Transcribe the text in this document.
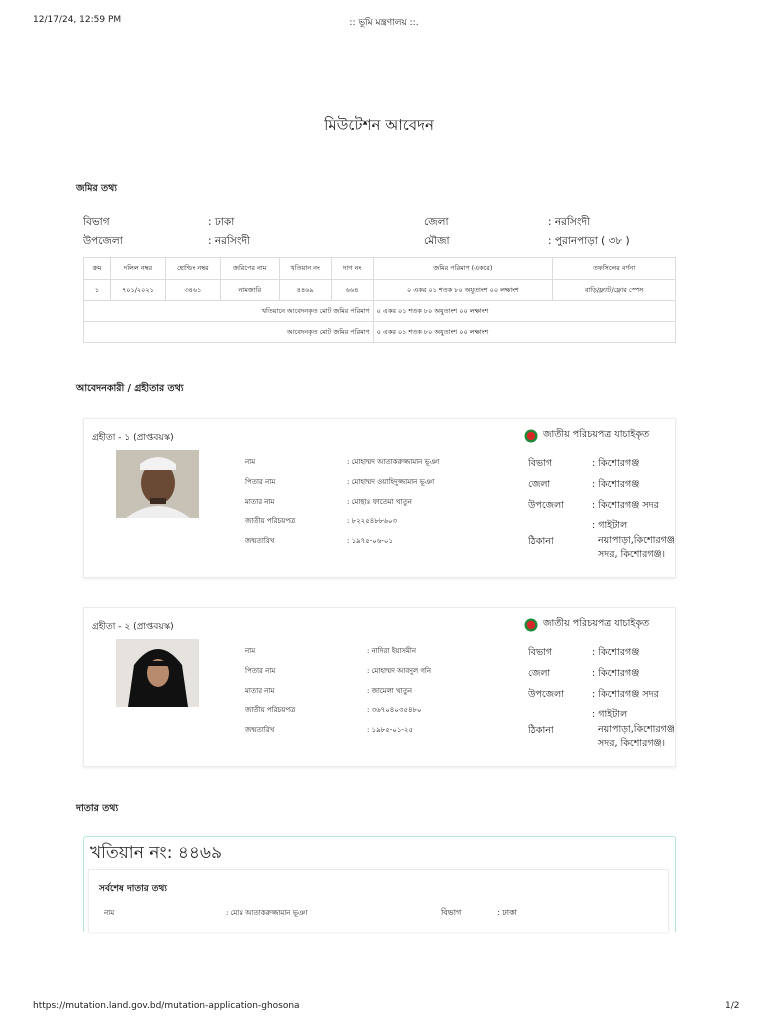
12/17/24, 12:59 PM	:: ভূমি মন্ত্রণালয় ::.
মিউটেশন আবেদন
জমির তথ্য
বিভাগ	: ঢাকা	জেলা	: নরসিংদী
উপজেলা	: নরসিংদী	মৌজা	: পুরানপাড়া ( ৩৮ )
ক্রম	দলিল নম্বর	হোল্ডিং নম্বর	জরিপের নাম	খতিয়ান নং	দাগ নং	জমির পরিমাণ (একরে)	তফসিলের বর্ণনা
১	৭০১/২০২১	৩৪৬১	নামজারি	৪৪৬৯	৬৬৪	০ একর ০১ শতক ৮০ অযুতাংশ ০০ লক্ষাংশ	বাড়ি/ফ্ল্যাট/ফ্লোর স্পেস
খতিয়ানে আবেদনকৃত মোট জমির পরিমাণ						০ একর ০১ শতক ৮০ অযুতাংশ ০০ লক্ষাংশ	
আবেদনকৃত মোট জমির পরিমাণ						০ একর ০১ শতক ৮০ অযুতাংশ ০০ লক্ষাংশ	
আবেদনকারী / গ্রহীতার তথ্য
গ্রহীতা - ১ (প্রাপ্তবয়স্ক)	জাতীয় পরিচয়পত্র যাচাইকৃত
নাম	: মোহাম্মদ আতাকরুজ্জামান ভূঞা
পিতার নাম	: মোহাম্মদ ওয়াহিদুজ্জামান ভূঞা
মাতার নাম	: মোছাঃ ফাতেমা খাতুন
জাতীয় পরিচয়পত্র	: ৮২২৫৪৮৮৬০৩
জন্মতারিখ	: ১৯৭৫-০৬-০১
বিভাগ	: কিশোরগঞ্জ
জেলা	: কিশোরগঞ্জ
উপজেলা	: কিশোরগঞ্জ সদর
ঠিকানা
: গাইটাল
নয়াপাড়া,কিশোরগঞ্জ
সদর, কিশোরগঞ্জ।
গ্রহীতা - ২ (প্রাপ্তবয়স্ক)	জাতীয় পরিচয়পত্র যাচাইকৃত
নাম	: নাদিরা ইয়াসমীন
পিতার নাম	: মোহাম্মদ আবদুল গনি
মাতার নাম	: জামেলা খাতুন
জাতীয় পরিচয়পত্র	: ৩৬৭০৪০৩৫৪৮০
জন্মতারিখ	: ১৯৮৫-০১-২৫
বিভাগ	: কিশোরগঞ্জ
জেলা	: কিশোরগঞ্জ
উপজেলা	: কিশোরগঞ্জ সদর
ঠিকানা
: গাইটাল
নয়াপাড়া,কিশোরগঞ্জ
সদর, কিশোরগঞ্জ।
দাতার তথ্য
খতিয়ান নং: ৪৪৬৯
সর্বশেষ দাতার তথ্য
নাম	: মোঃ আতাকরুজ্জামান ভূঞা	বিভাগ	: ঢাকা
https://mutation.land.gov.bd/mutation-application-ghosona	1/2
